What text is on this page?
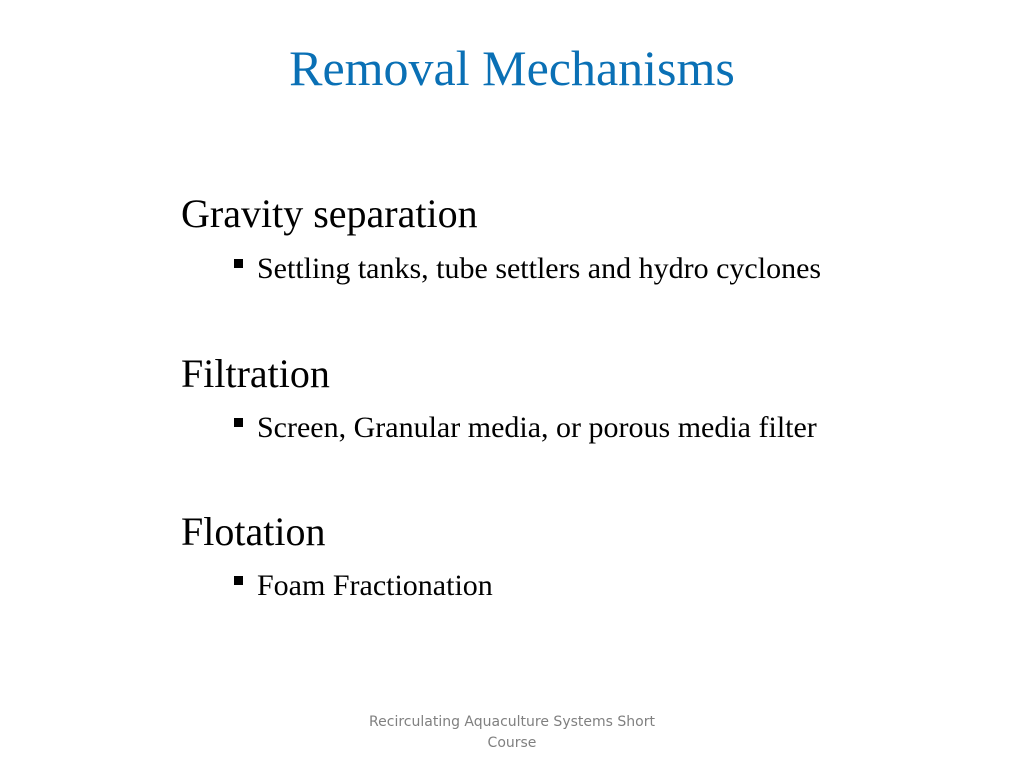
Removal Mechanisms
Gravity separation
Settling tanks, tube settlers and hydro cyclones
Filtration
Screen, Granular media, or porous media filter
Flotation
Foam Fractionation
Recirculating Aquaculture Systems Short
Course
